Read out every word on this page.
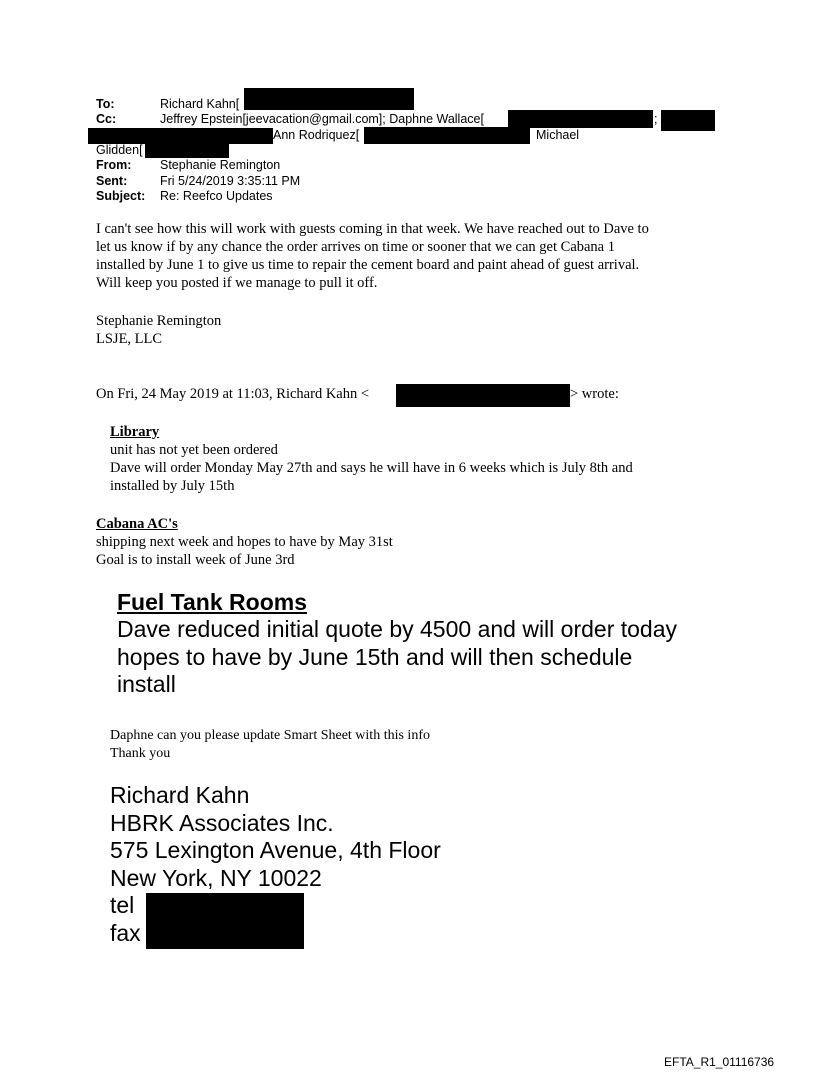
To:	Richard Kahn[
Cc:	Jeffrey Epstein[jeevacation@gmail.com]; Daphne Wallace[	;
Ann Rodriquez[	Michael
Glidden[
From: Stephanie Remington
Sent:	Fri 5/24/2019 3:35:11 PM
Subject: Re: Reefco Updates
I can't see how this will work with guests coming in that week. We have reached out to Dave to
let us know if by any chance the order arrives on time or sooner that we can get Cabana 1
installed by June 1 to give us time to repair the cement board and paint ahead of guest arrival.
Will keep you posted if we manage to pull it off.
Stephanie Remington
LSJE, LLC
On Fri, 24 May 2019 at 11:03, Richard Kahn <	> wrote:
Library
unit has not yet been ordered
Dave will order Monday May 27th and says he will have in 6 weeks which is July 8th and
installed by July 15th
Cabana AC's
shipping next week and hopes to have by May 31st
Goal is to install week of June 3rd
Fuel Tank Rooms
Dave reduced initial quote by 4500 and will order today
hopes to have by June 15th and will then schedule
install
Daphne can you please update Smart Sheet with this info
Thank you
Richard Kahn
HBRK Associates Inc.
575 Lexington Avenue, 4th Floor
New York, NY 10022
tel
fax
EFTA_R1_01116736
